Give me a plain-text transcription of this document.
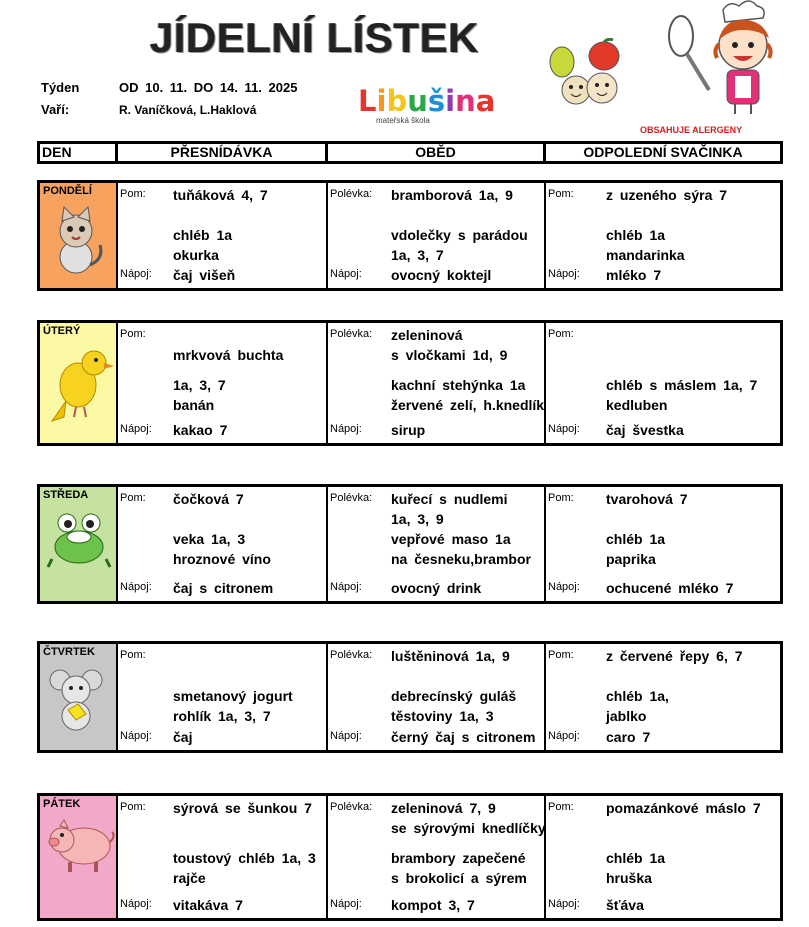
JÍDELNÍ LÍSTEK
Týden	OD 10. 11. DO 14. 11. 2025
Vaří:	R. Vaníčková, L.Haklová	Libušina
mateřská škola
OBSAHUJE ALERGENY
DEN	PŘESNÍDÁVKA	OBĚD	ODPOLEDNÍ SVAČINKA
PONDĚLÍ	Pom: tuňáková 4, 7
chléb 1a
okurka
Nápoj: čaj višeň
Polévka: bramborová 1a, 9
vdolečky s parádou
1a, 3, 7
Nápoj: ovocný koktejl
Pom: z uzeného sýra 7
chléb 1a
mandarinka
Nápoj: mléko 7
ÚTERÝ	Pom:
mrkvová buchta
1a, 3, 7
banán
Nápoj: kakao 7
Polévka: zeleninová
s vločkami 1d, 9
kachní stehýnka 1a
žervené zelí, h.knedlík
Nápoj: sirup
Pom:
chléb s máslem 1a, 7
kedluben
Nápoj: čaj švestka
STŘEDA	Pom: čočková 7
veka 1a, 3
hroznové víno
Nápoj: čaj s citronem
Polévka: kuřecí s nudlemi
1a, 3, 9
vepřové maso 1a
na česneku,brambor
Nápoj: ovocný drink
Pom: tvarohová 7
chléb 1a
paprika
Nápoj: ochucené mléko 7
ČTVRTEK Pom:
smetanový jogurt
rohlík 1a, 3, 7
Nápoj: čaj
Polévka: luštěninová 1a, 9
debrecínský guláš
těstoviny 1a, 3
Nápoj: černý čaj s citronem
Pom: z červené řepy 6, 7
chléb 1a,
jablko
Nápoj: caro 7
PÁTEK	Pom: sýrová se šunkou 7
toustový chléb 1a, 3
rajče
Nápoj: vitakáva 7
Polévka: zeleninová 7, 9
se sýrovými knedlíčky
brambory zapečené
s brokolicí a sýrem
Nápoj: kompot 3, 7
Pom: pomazánkové máslo 7
chléb 1a
hruška
Nápoj: šťáva
